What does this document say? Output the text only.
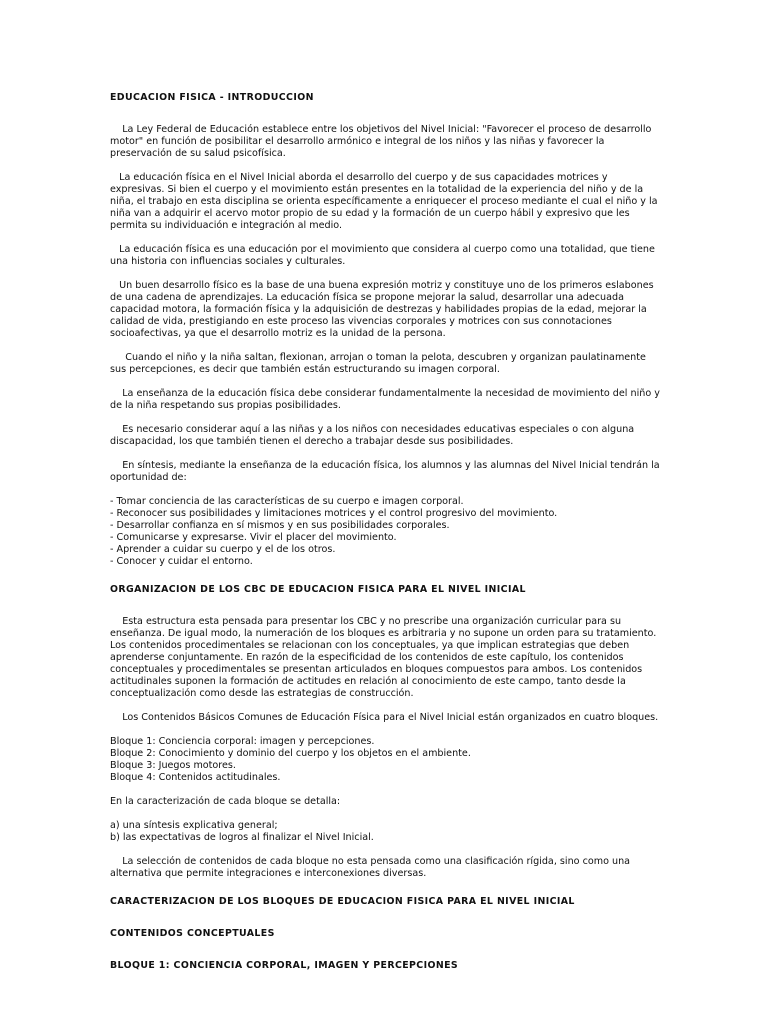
EDUCACION FISICA - INTRODUCCION

La Ley Federal de Educación establece entre los objetivos del Nivel Inicial: "Favorecer el proceso de desarrollo motor" en función de posibilitar el desarrollo armónico e integral de los niños y las niñas y favorecer la preservación de su salud psicofísica.

La educación física en el Nivel Inicial aborda el desarrollo del cuerpo y de sus capacidades motrices y expresivas. Si bien el cuerpo y el movimiento están presentes en la totalidad de la experiencia del niño y de la niña, el trabajo en esta disciplina se orienta específicamente a enriquecer el proceso mediante el cual el niño y la niña van a adquirir el acervo motor propio de su edad y la formación de un cuerpo hábil y expresivo que les permita su individuación e integración al medio.

La educación física es una educación por el movimiento que considera al cuerpo como una totalidad, que tiene una historia con influencias sociales y culturales.

Un buen desarrollo físico es la base de una buena expresión motriz y constituye uno de los primeros eslabones de una cadena de aprendizajes. La educación física se propone mejorar la salud, desarrollar una adecuada capacidad motora, la formación física y la adquisición de destrezas y habilidades propias de la edad, mejorar la calidad de vida, prestigiando en este proceso las vivencias corporales y motrices con sus connotaciones socioafectivas, ya que el desarrollo motriz es la unidad de la persona.

Cuando el niño y la niña saltan, flexionan, arrojan o toman la pelota, descubren y organizan paulatinamente sus percepciones, es decir que también están estructurando su imagen corporal.

La enseñanza de la educación física debe considerar fundamentalmente la necesidad de movimiento del niño y de la niña respetando sus propias posibilidades.

Es necesario considerar aquí a las niñas y a los niños con necesidades educativas especiales o con alguna discapacidad, los que también tienen el derecho a trabajar desde sus posibilidades.

En síntesis, mediante la enseñanza de la educación física, los alumnos y las alumnas del Nivel Inicial tendrán la oportunidad de:

- Tomar conciencia de las características de su cuerpo e imagen corporal.
- Reconocer sus posibilidades y limitaciones motrices y el control progresivo del movimiento.
- Desarrollar confianza en sí mismos y en sus posibilidades corporales.
- Comunicarse y expresarse. Vivir el placer del movimiento.
- Aprender a cuidar su cuerpo y el de los otros.
- Conocer y cuidar el entorno.

ORGANIZACION DE LOS CBC DE EDUCACION FISICA PARA EL NIVEL INICIAL

Esta estructura esta pensada para presentar los CBC y no prescribe una organización curricular para su enseñanza. De igual modo, la numeración de los bloques es arbitraria y no supone un orden para su tratamiento. Los contenidos procedimentales se relacionan con los conceptuales, ya que implican estrategias que deben aprenderse conjuntamente. En razón de la especificidad de los contenidos de este capítulo, los contenidos conceptuales y procedimentales se presentan articulados en bloques compuestos para ambos. Los contenidos actitudinales suponen la formación de actitudes en relación al conocimiento de este campo, tanto desde la conceptualización como desde las estrategias de construcción.

Los Contenidos Básicos Comunes de Educación Física para el Nivel Inicial están organizados en cuatro bloques.

Bloque 1: Conciencia corporal: imagen y percepciones.
Bloque 2: Conocimiento y dominio del cuerpo y los objetos en el ambiente.
Bloque 3: Juegos motores.
Bloque 4: Contenidos actitudinales.

En la caracterización de cada bloque se detalla:

a) una síntesis explicativa general;
b) las expectativas de logros al finalizar el Nivel Inicial.

La selección de contenidos de cada bloque no esta pensada como una clasificación rígida, sino como una alternativa que permite integraciones e interconexiones diversas.

CARACTERIZACION DE LOS BLOQUES DE EDUCACION FISICA PARA EL NIVEL INICIAL

CONTENIDOS CONCEPTUALES

BLOQUE 1: CONCIENCIA CORPORAL, IMAGEN Y PERCEPCIONES
